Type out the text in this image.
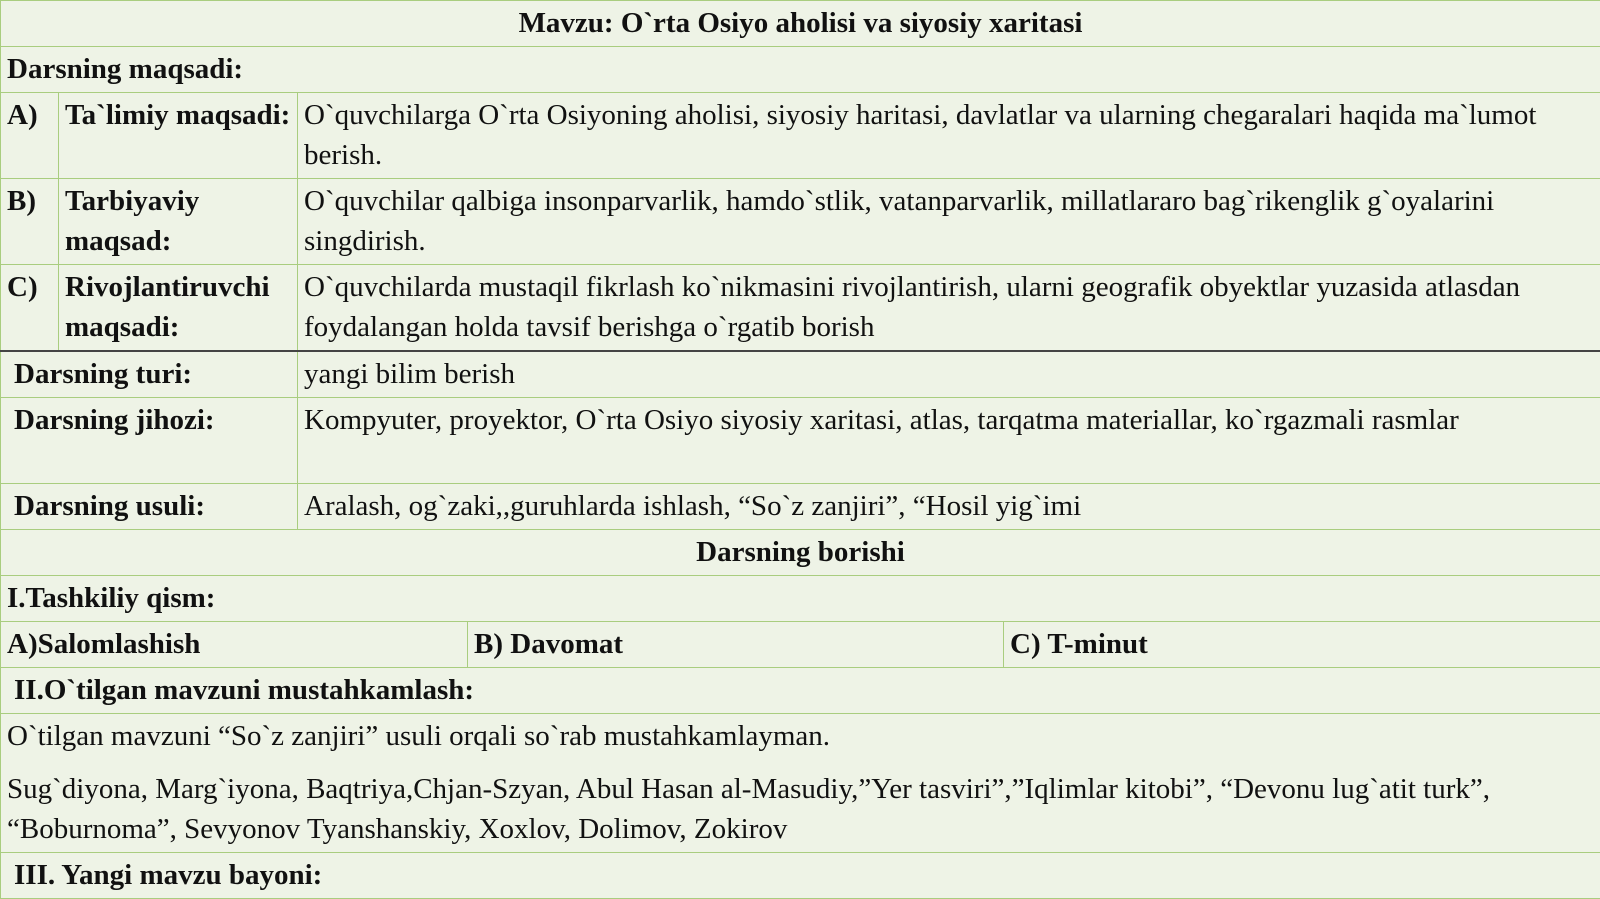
Mavzu: O`rta Osiyo aholisi va siyosiy xaritasi				
Darsning maqsadi:				
A)	Ta`limiy maqsadi:	O`quvchilarga O`rta Osiyoning aholisi, siyosiy haritasi, davlatlar va ularning chegaralari haqida ma`lumot berish.		
B)	Tarbiyaviy maqsad:	O`quvchilar qalbiga insonparvarlik, hamdo`stlik, vatanparvarlik, millatlararo bag`rikenglik g`oyalarini singdirish.		
C)	Rivojlantiruvchi maqsadi:	O`quvchilarda mustaqil fikrlash ko`nikmasini rivojlantirish, ularni geografik obyektlar yuzasida atlasdan foydalangan holda tavsif berishga o`rgatib borish		
Darsning turi:		yangi bilim berish		
Darsning jihozi:		Kompyuter, proyektor, O`rta Osiyo siyosiy xaritasi, atlas, tarqatma materiallar, ko`rgazmali rasmlar		
Darsning usuli:		Aralash, og`zaki,,guruhlarda ishlash, “So`z zanjiri”, “Hosil yig`imi		
Darsning borishi				
I.Tashkiliy qism:				
A)Salomlashish			B) Davomat	C) T-minut
II.O`tilgan mavzuni mustahkamlash:				

O`tilgan mavzuni “So`z zanjiri” usuli orqali so`rab mustahkamlayman.

Sug`diyona, Marg`iyona, Baqtriya,Chjan-Szyan, Abul Hasan al-Masudiy,”Yer tasviri”,”Iqlimlar kitobi”, “Devonu lug`atit turk”, “Boburnoma”, Sevyonov Tyanshanskiy, Xoxlov, Dolimov, Zokirov				

III. Yangi mavzu bayoni:				
